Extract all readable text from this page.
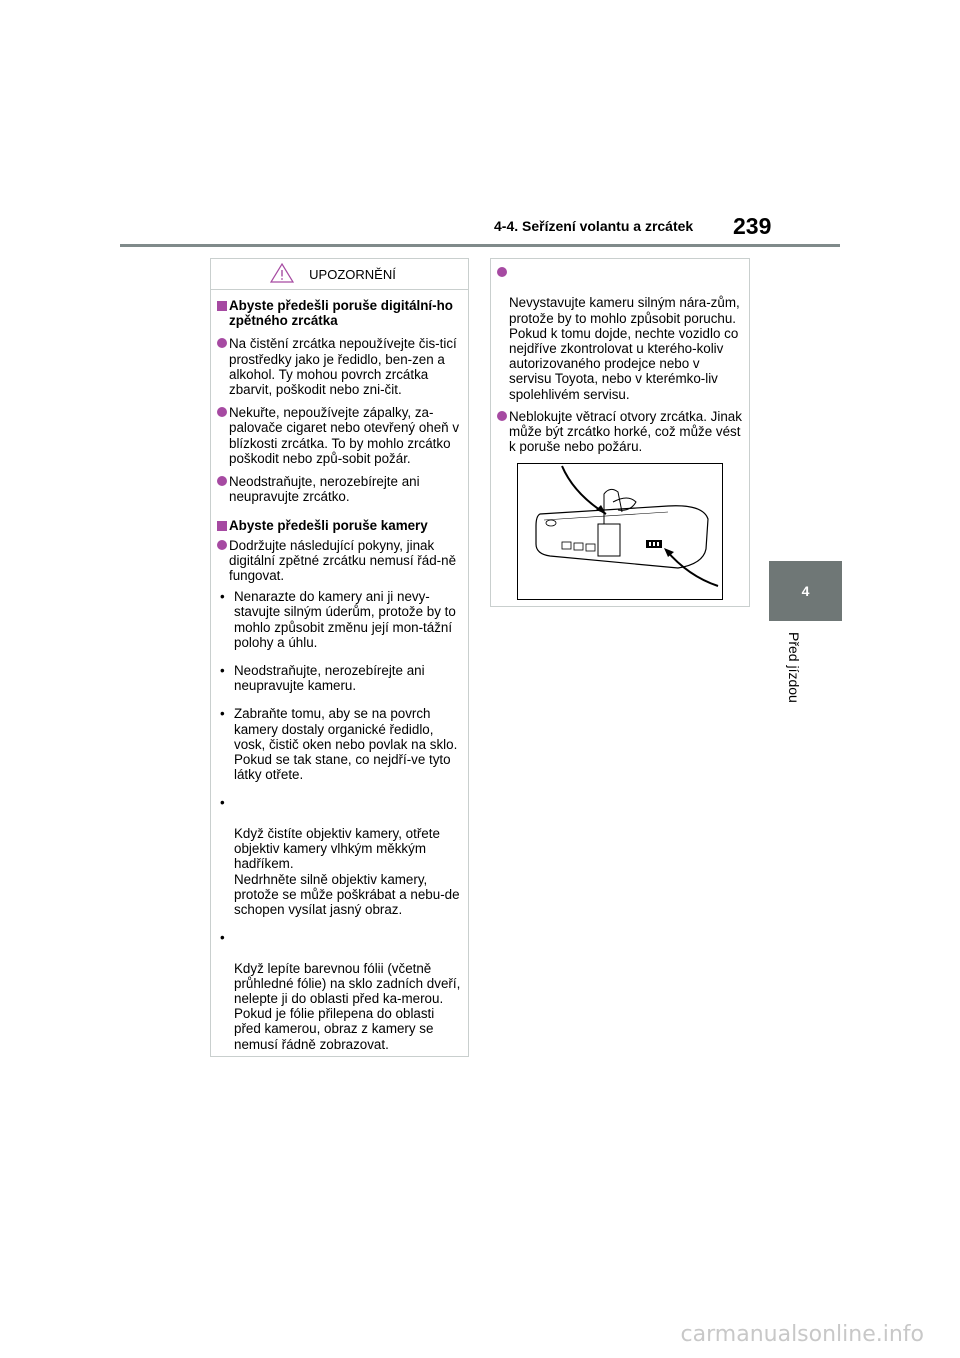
4-4. Seřízení volantu a zrcátek 239
4
Před jízdou
UPOZORNĚNÍ
Abyste předešli poruše digitální-ho zpětného zrcátka
Na čistění zrcátka nepoužívejte čis-ticí prostředky jako je ředidlo, ben-zen a alkohol. Ty mohou povrch zrcátka zbarvit, poškodit nebo zni-čit.
Nekuřte, nepoužívejte zápalky, za-palovače cigaret nebo otevřený oheň v blízkosti zrcátka. To by mohlo zrcátko poškodit nebo způ-sobit požár.
Neodstraňujte, nerozebírejte ani neupravujte zrcátko.
Abyste předešli poruše kamery
Dodržujte následující pokyny, jinak digitální zpětné zrcátku nemusí řád-ně fungovat.
• Nenarazte do kamery ani ji nevy-stavujte silným úderům, protože by to mohlo způsobit změnu její mon-tážní polohy a úhlu.
• Neodstraňujte, nerozebírejte ani neupravujte kameru.
• Zabraňte tomu, aby se na povrch kamery dostaly organické ředidlo, vosk, čistič oken nebo povlak na sklo. Pokud se tak stane, co nejdří-ve tyto látky otřete.

•

Když čistíte objektiv kamery, otřete objektiv kamery vlhkým měkkým hadříkem.
Nedrhněte silně objektiv kamery, protože se může poškrábat a nebu-de schopen vysílat jasný obraz.

•

Když lepíte barevnou fólii (včetně průhledné fólie) na sklo zadních dveří, nelepte ji do oblasti před ka-merou.
Pokud je fólie přilepena do oblasti před kamerou, obraz z kamery se nemusí řádně zobrazovat.

Nevystavujte kameru silným nára-zům, protože by to mohlo způsobit poruchu.
Pokud k tomu dojde, nechte vozidlo co nejdříve zkontrolovat u kterého-koliv autorizovaného prodejce nebo v servisu Toyota, nebo v kterémko-liv spolehlivém servisu.

Neblokujte větrací otvory zrcátka. Jinak může být zrcátko horké, což může vést k poruše nebo požáru.
carmanualsonline.info
